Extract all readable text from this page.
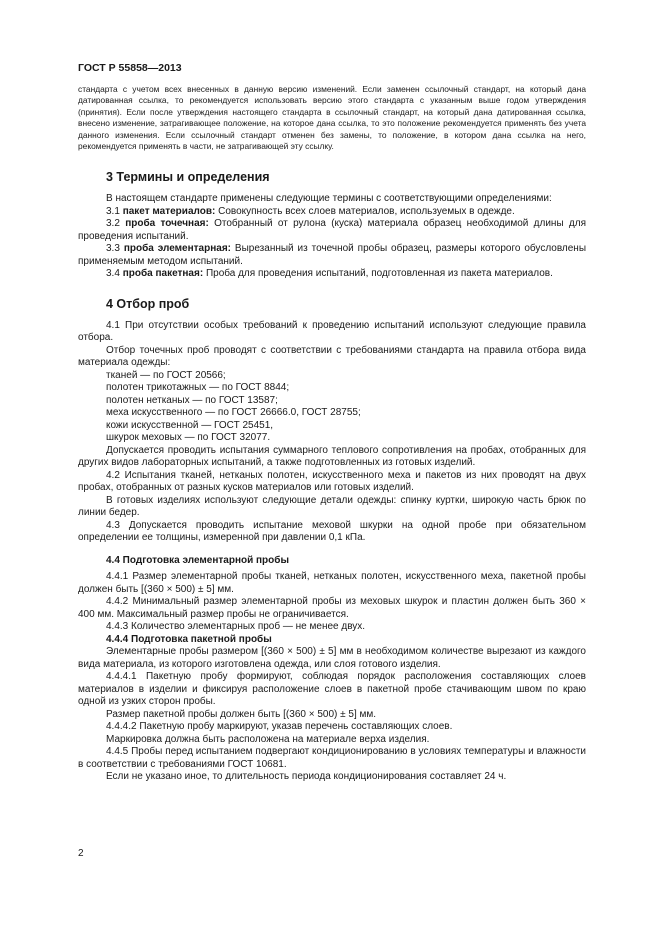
ГОСТ Р 55858—2013

стандарта с учетом всех внесенных в данную версию изменений. Если заменен ссылочный стандарт, на который дана датированная ссылка, то рекомендуется использовать версию этого стандарта с указанным выше годом утверждения (принятия). Если после утверждения настоящего стандарта в ссылочный стандарт, на который дана датированная ссылка, внесено изменение, затрагивающее положение, на которое дана ссылка, то это положение рекомендуется применять без учета данного изменения. Если ссылочный стандарт отменен без замены, то положение, в котором дана ссылка на него, рекомендуется применять в части, не затрагивающей эту ссылку.

3 Термины и определения

В настоящем стандарте применены следующие термины с соответствующими определениями:

3.1 пакет материалов: Совокупность всех слоев материалов, используемых в одежде.

3.2 проба точечная: Отобранный от рулона (куска) материала образец необходимой длины для проведения испытаний.

3.3 проба элементарная: Вырезанный из точечной пробы образец, размеры которого обусловлены применяемым методом испытаний.

3.4 проба пакетная: Проба для проведения испытаний, подготовленная из пакета материалов.

4 Отбор проб

4.1 При отсутствии особых требований к проведению испытаний используют следующие правила отбора.

Отбор точечных проб проводят с соответствии с требованиями стандарта на правила отбора вида материала одежды:

тканей — по ГОСТ 20566;

полотен трикотажных — по ГОСТ 8844;

полотен нетканых — по ГОСТ 13587;

меха искусственного — по ГОСТ 26666.0, ГОСТ 28755;

кожи искусственной — ГОСТ 25451,

шкурок меховых — по ГОСТ 32077.

Допускается проводить испытания суммарного теплового сопротивления на пробах, отобранных для других видов лабораторных испытаний, а также подготовленных из готовых изделий.

4.2 Испытания тканей, нетканых полотен, искусственного меха и пакетов из них проводят на двух пробах, отобранных от разных кусков материалов или готовых изделий.

В готовых изделиях используют следующие детали одежды: спинку куртки, широкую часть брюк по линии бедер.

4.3 Допускается проводить испытание меховой шкурки на одной пробе при обязательном определении ее толщины, измеренной при давлении 0,1 кПа.

4.4 Подготовка элементарной пробы

4.4.1 Размер элементарной пробы тканей, нетканых полотен, искусственного меха, пакетной пробы должен быть [(360 × 500) ± 5] мм.

4.4.2 Минимальный размер элементарной пробы из меховых шкурок и пластин должен быть 360 × 400 мм. Максимальный размер пробы не ограничивается.

4.4.3 Количество элементарных проб — не менее двух.

4.4.4 Подготовка пакетной пробы

Элементарные пробы размером [(360 × 500) ± 5] мм в необходимом количестве вырезают из каждого вида материала, из которого изготовлена одежда, или слоя готового изделия.

4.4.4.1 Пакетную пробу формируют, соблюдая порядок расположения составляющих слоев материалов в изделии и фиксируя расположение слоев в пакетной пробе стачивающим швом по краю одной из узких сторон пробы.

Размер пакетной пробы должен быть [(360 × 500) ± 5] мм.

4.4.4.2 Пакетную пробу маркируют, указав перечень составляющих слоев.

Маркировка должна быть расположена на материале верха изделия.

4.4.5 Пробы перед испытанием подвергают кондиционированию в условиях температуры и влажности в соответствии с требованиями ГОСТ 10681.

Если не указано иное, то длительность периода кондиционирования составляет 24 ч.

2
